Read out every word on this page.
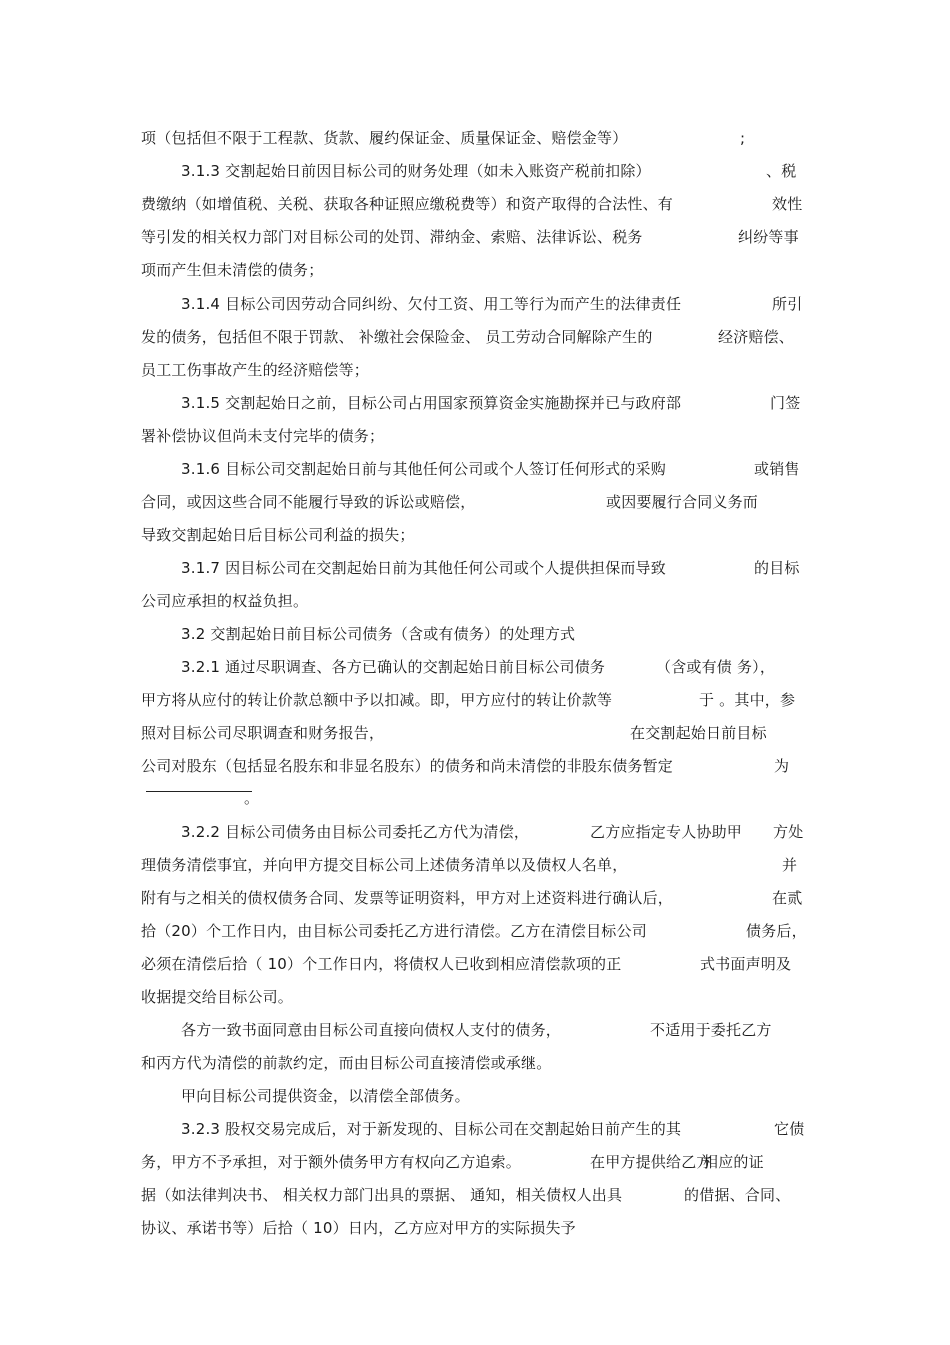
项（包括但不限于工程款、货款、履约保证金、质量保证金、赔偿金等）	;
3.1.3 交割起始日前因目标公司的财务处理（如未入账资产税前扣除）	、税
费缴纳（如增值税、关税、获取各种证照应缴税费等）和资产取得的合法性、有	效性
等引发的相关权力部门对目标公司的处罚、滞纳金、索赔、法律诉讼、税务	纠纷等事
项而产生但未清偿的债务；
3.1.4 目标公司因劳动合同纠纷、欠付工资、用工等行为而产生的法律责任	所引
发的债务，包括但不限于罚款、 补缴社会保险金、 员工劳动合同解除产生的	经济赔偿、
员工工伤事故产生的经济赔偿等；
3.1.5 交割起始日之前，目标公司占用国家预算资金实施勘探并已与政府部	门签
署补偿协议但尚未支付完毕的债务；
3.1.6 目标公司交割起始日前与其他任何公司或个人签订任何形式的采购	或销售
合同，或因这些合同不能履行导致的诉讼或赔偿，	或因要履行合同义务而
导致交割起始日后目标公司利益的损失；
3.1.7 因目标公司在交割起始日前为其他任何公司或个人提供担保而导致	的目标
公司应承担的权益负担。
3.2 交割起始日前目标公司债务（含或有债务）的处理方式
3.2.1 通过尽职调查、各方已确认的交割起始日前目标公司债务	（含或有债 务），
甲方将从应付的转让价款总额中予以扣减。即，甲方应付的转让价款等	于 。其中，参
照对目标公司尽职调查和财务报告，	在交割起始日前目标
公司对股东（包括显名股东和非显名股东）的债务和尚未清偿的非股东债务暂定	为
。
3.2.2 目标公司债务由目标公司委托乙方代为清偿，	乙方应指定专人协助甲 方处
理债务清偿事宜，并向甲方提交目标公司上述债务清单以及债权人名单，	并
附有与之相关的债权债务合同、发票等证明资料，甲方对上述资料进行确认后，	在贰
拾（20）个工作日内，由目标公司委托乙方进行清偿。乙方在清偿目标公司	债务后，
必须在清偿后拾（ 10）个工作日内，将债权人已收到相应清偿款项的正	式书面声明及
收据提交给目标公司。
各方一致书面同意由目标公司直接向债权人支付的债务，	不适用于委托乙方
和丙方代为清偿的前款约定，而由目标公司直接清偿或承继。
甲向目标公司提供资金，以清偿全部债务。
3.2.3 股权交易完成后，对于新发现的、目标公司在交割起始日前产生的其	它债
务，甲方不予承担，对于额外债务甲方有权向乙方追索。	在甲方提供给乙方
相应的证
据（如法律判决书、 相关权力部门出具的票据、 通知，相关债权人出具	的借据、合同、
协议、承诺书等）后拾（ 10）日内，乙方应对甲方的实际损失予
